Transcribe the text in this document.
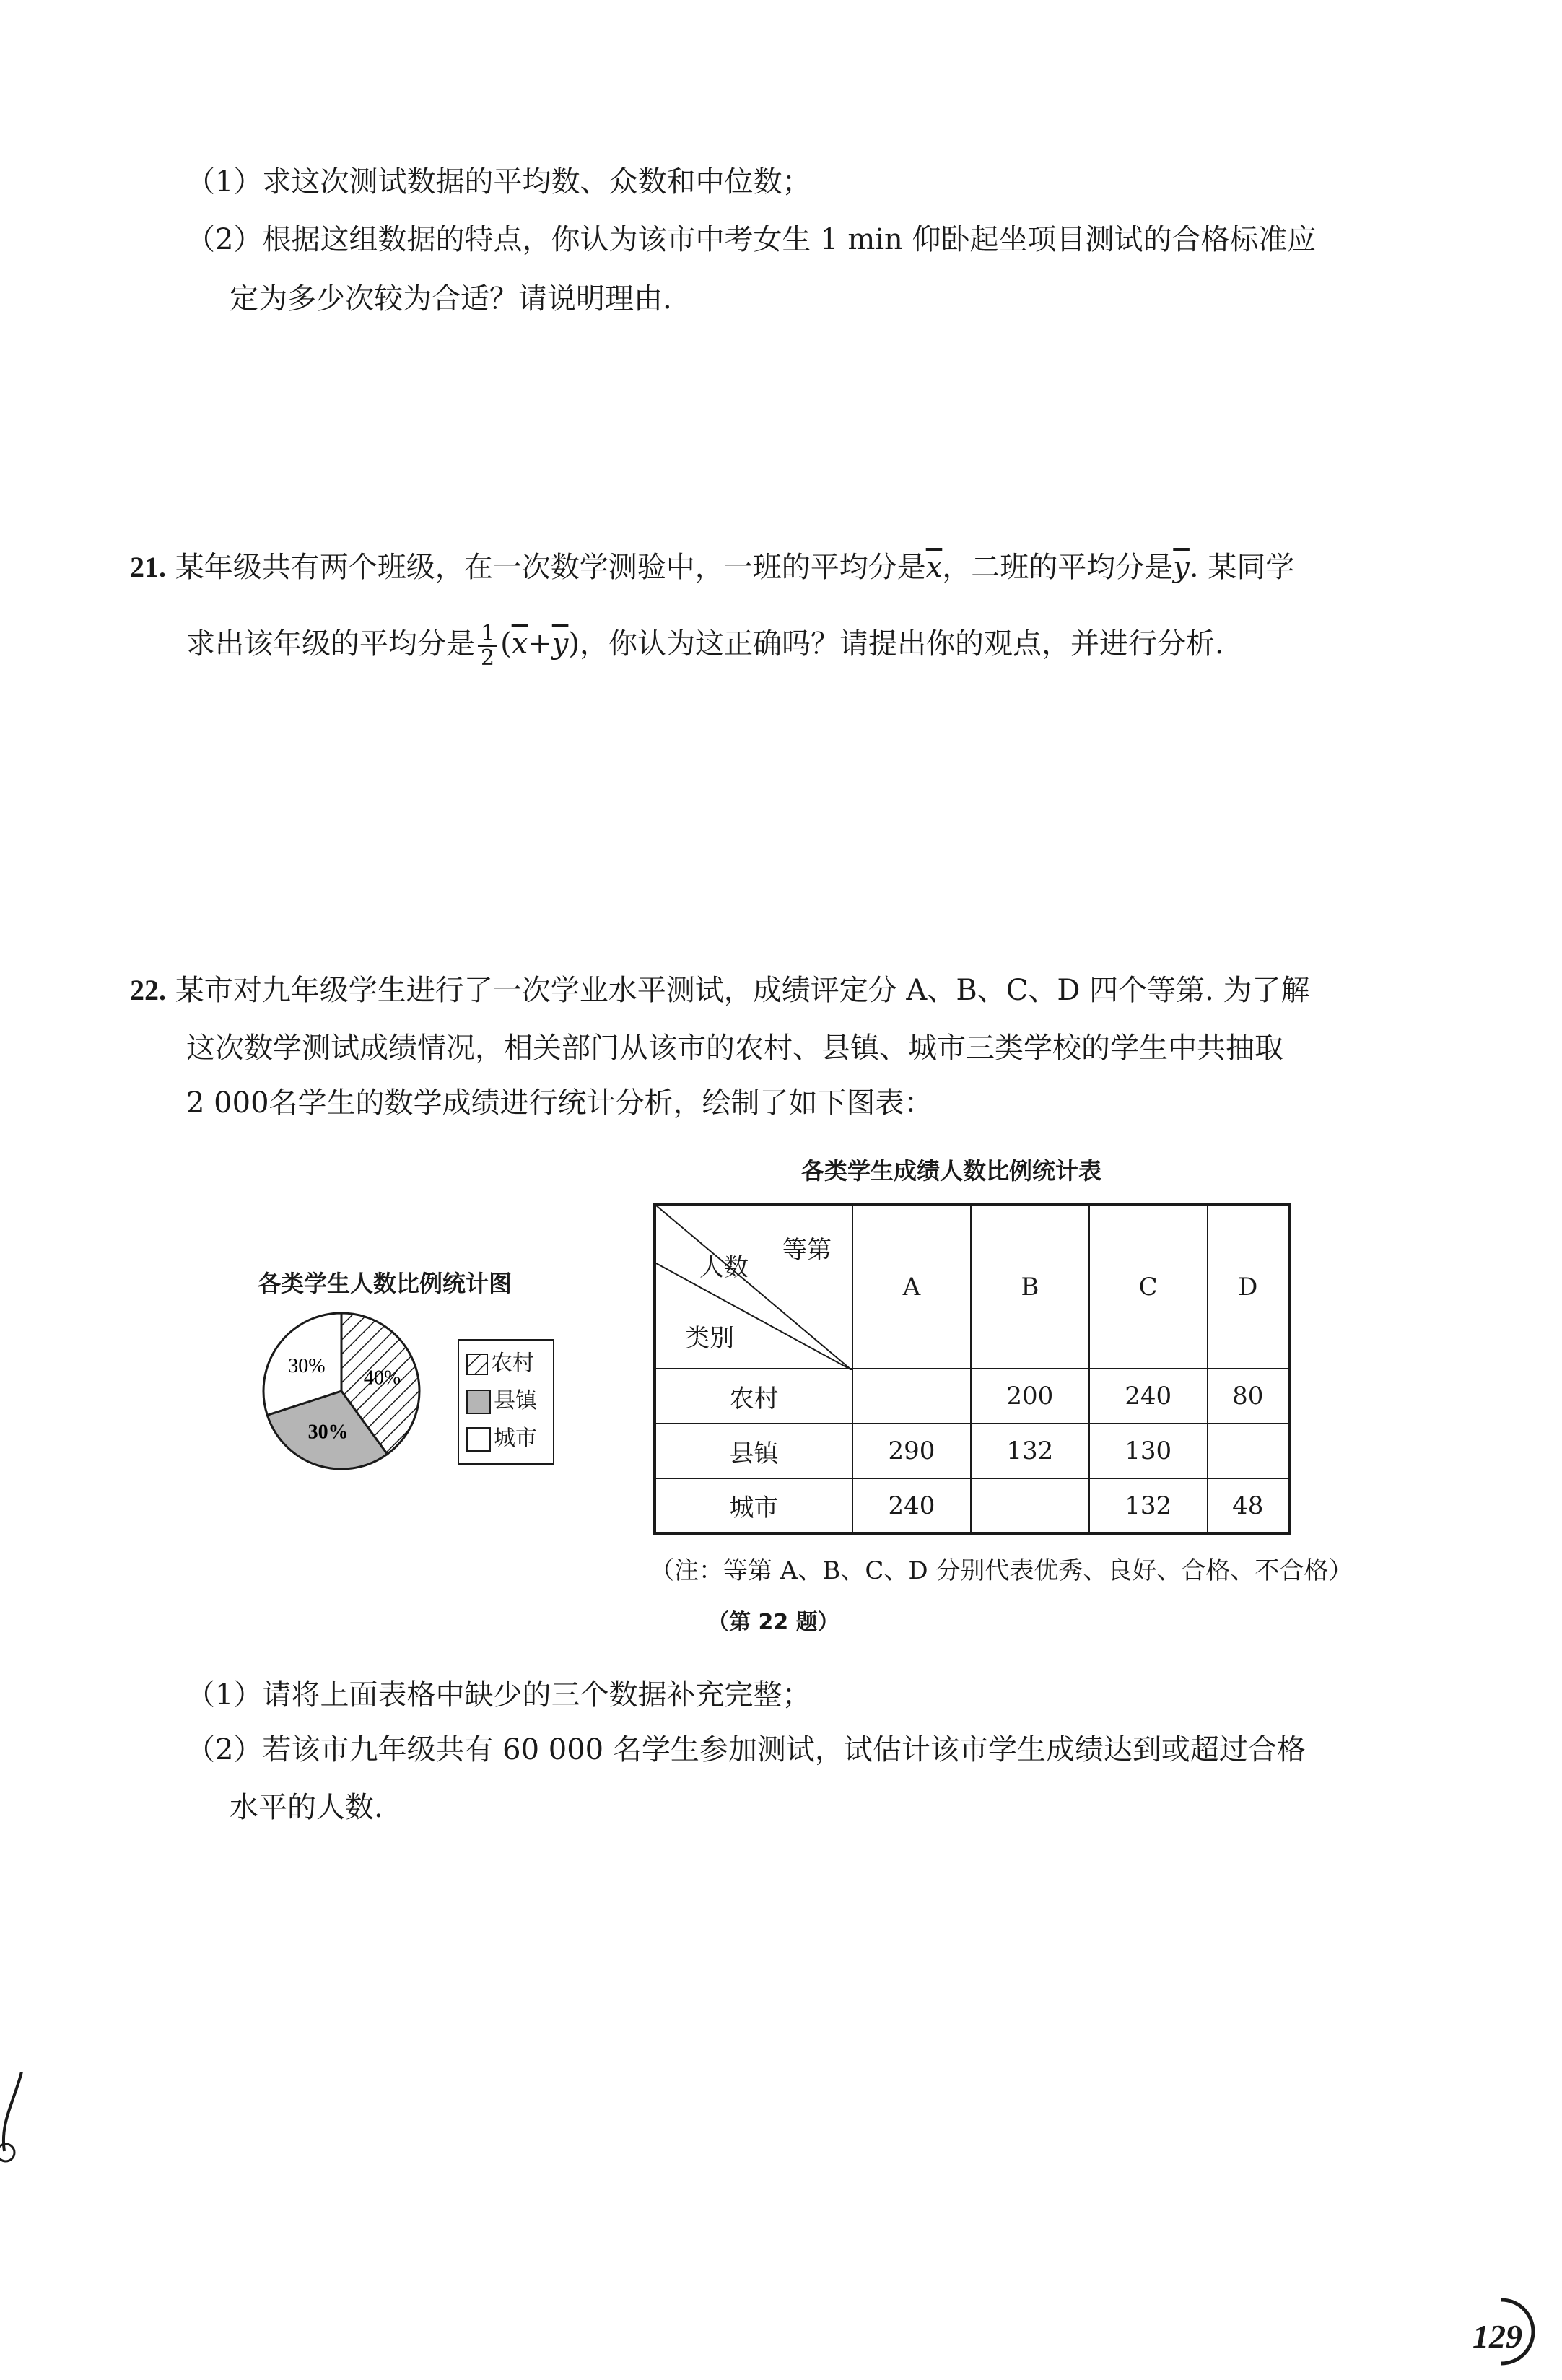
（1）求这次测试数据的平均数、众数和中位数；
（2）根据这组数据的特点，你认为该市中考女生 1 min 仰卧起坐项目测试的合格标准应
定为多少次较为合适？请说明理由.
21. 某年级共有两个班级，在一次数学测验中，一班的平均分是$\overline{x}$，二班的平均分是$\overline{y}$. 某同学
求出该年级的平均分是 $\frac{1}{2} (\overline{x}+\overline{y})$，你认为这正确吗？请提出你的观点，并进行分析.
22. 某市对九年级学生进行了一次学业水平测试，成绩评定分 A、B、C、D 四个等第. 为了解
这次数学测试成绩情况，相关部门从该市的农村、县镇、城市三类学校的学生中共抽取
2 000名学生的数学成绩进行统计分析，绘制了如下图表：
各类学生人数比例统计图
40%
30%
30%	农村
县镇
城市
各类学生成绩人数比例统计表
等第
人数
类别	A	B	C	D
农村		200	240	80
县镇	290	132	130	
城市	240		132	48
（注：等第 A、B、C、D 分别代表优秀、良好、合格、不合格）
（第 22 题）
（1）请将上面表格中缺少的三个数据补充完整；
（2）若该市九年级共有 60 000 名学生参加测试，试估计该市学生成绩达到或超过合格
水平的人数.
129
